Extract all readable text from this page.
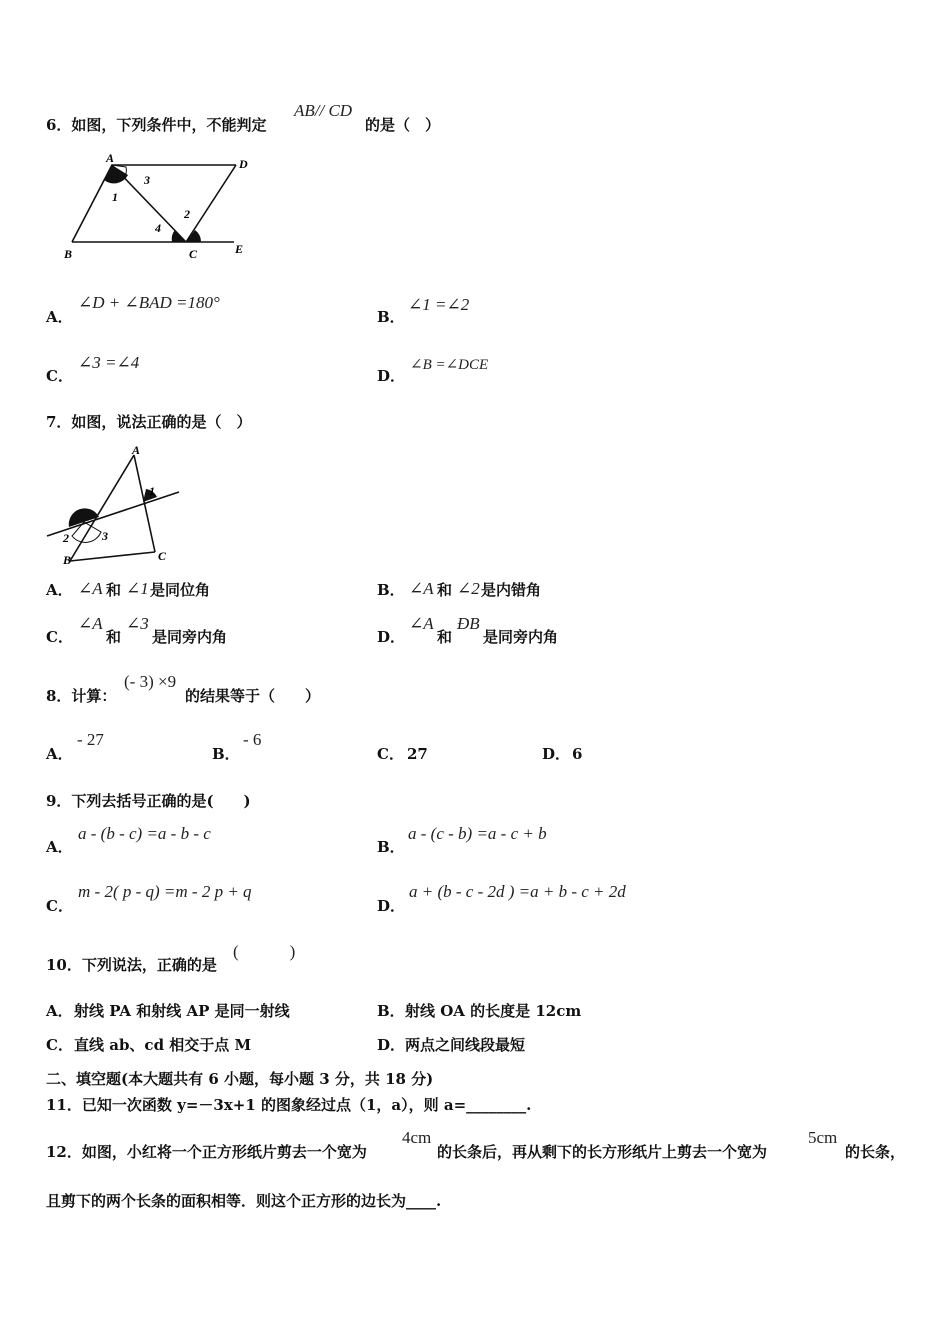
6．如图，下列条件中，不能判定
AB// CD
的是（　）
A	D
B	C	E
1
2
3
4
A．
∠D + ∠BAD =180°
B．
∠1 =∠2
C．
∠3 =∠4
D．
∠B =∠DCE
7．如图，说法正确的是（　）
A
B	C
1
2	3
A． ∠A 和 ∠1 是同位角	B． ∠A 和 ∠2 是内错角
C．
∠A
和
∠3
是同旁内角	D．
∠A
和
ÐB
是同旁内角
8．计算：
(- 3) ×9
的结果等于（　　）
A．
- 27
B．
- 6
C． 27	D． 6
9．下列去括号正确的是(　　)
A．
a - (b - c) =a - b - c
B．
a - (c - b) =a - c + b
C．
m - 2( p - q) =m - 2 p + q
D．
a + (b - c - 2d ) =a + b - c + 2d
10．下列说法，正确的是
(　　　)
A． 射线 PA 和射线 AP 是同一射线	B． 射线 OA 的长度是 12cm
C． 直线 ab、cd 相交于点 M	D． 两点之间线段最短
二、填空题(本大题共有 6 小题，每小题 3 分，共 18 分)
11．已知一次函数 y=－3x+1 的图象经过点（1，a），则 a=________.
12．如图，小红将一个正方形纸片剪去一个宽为
4cm
的长条后，再从剩下的长方形纸片上剪去一个宽为
5cm
的长条，
且剪下的两个长条的面积相等．则这个正方形的边长为____.
